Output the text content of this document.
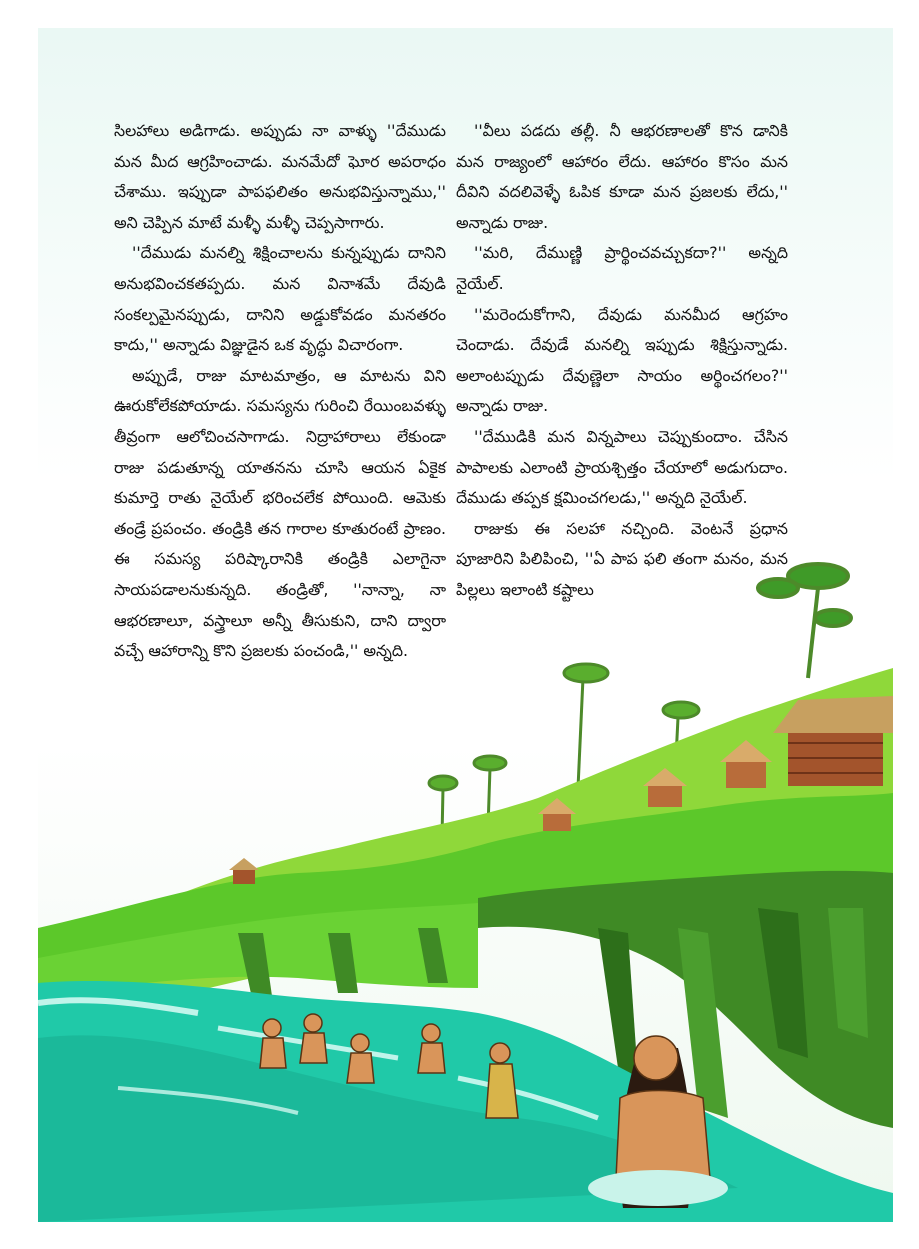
సిలహాలు అడిగాడు. అప్పుడు నా వాళ్ళు ''దేముడు మన మీద ఆగ్రహించాడు. మనమేదో ఘోర అపరాధం చేశాము. ఇప్పుడా పాపఫలితం అనుభవిస్తున్నాము,'' అని చెప్పిన మాటే మళ్ళీ మళ్ళీ చెప్పసాగారు.

''దేముడు మనల్ని శిక్షించాలను కున్నప్పుడు దానిని అనుభవించకతప్పదు. మన వినాశమే దేవుడి సంకల్పమైనప్పుడు, దానిని అడ్డుకోవడం మనతరం కాదు,'' అన్నాడు విజ్ఞుడైన ఒక వృద్ధు విచారంగా.

అప్పుడే, రాజు మాటమాత్రం, ఆ మాటను విని ఊరుకోలేకపోయాడు. సమస్యను గురించి రేయింబవళ్ళు తీవ్రంగా ఆలోచించసాగాడు. నిద్రాహారాలు లేకుండా రాజు పడుతూన్న యాతనను చూసి ఆయన ఏకైక కుమార్తె రాతు నైయేల్ భరించలేక పోయింది. ఆమెకు తండ్రే ప్రపంచం. తండ్రికి తన గారాల కూతురంటే ప్రాణం. ఈ సమస్య పరిష్కారానికి తండ్రికి ఎలాగైనా సాయపడాలనుకున్నది. తండ్రితో, ''నాన్నా, నా ఆభరణాలూ, వస్త్రాలూ అన్నీ తీసుకుని, దాని ద్వారా వచ్చే ఆహారాన్ని కొని ప్రజలకు పంచండి,'' అన్నది.

''వీలు పడదు తల్లీ. నీ ఆభరణాలతో కొన డానికి మన రాజ్యంలో ఆహారం లేదు. ఆహారం కొసం మన దీవిని వదలివెళ్ళే ఓపిక కూడా మన ప్రజలకు లేదు,'' అన్నాడు రాజు.

''మరి, దేముణ్ణి ప్రార్థించవచ్చుకదా?'' అన్నది నైయేల్.

''మరెందుకోగాని, దేవుడు మనమీద ఆగ్రహం చెందాడు. దేవుడే మనల్ని ఇప్పుడు శిక్షిస్తున్నాడు. అలాంటప్పుడు దేవుణ్ణెలా సాయం అర్థించగలం?'' అన్నాడు రాజు.

''దేముడికి మన విన్నపాలు చెప్పుకుందాం. చేసిన పాపాలకు ఎలాంటి ప్రాయశ్చిత్తం చేయాలో అడుగుదాం. దేముడు తప్పక క్షమించగలడు,'' అన్నది నైయేల్.

రాజుకు ఈ సలహా నచ్చింది. వెంటనే ప్రధాన పూజారిని పిలిపించి, ''ఏ పాప ఫలి తంగా మనం, మన పిల్లలు ఇలాంటి కష్టాలు
